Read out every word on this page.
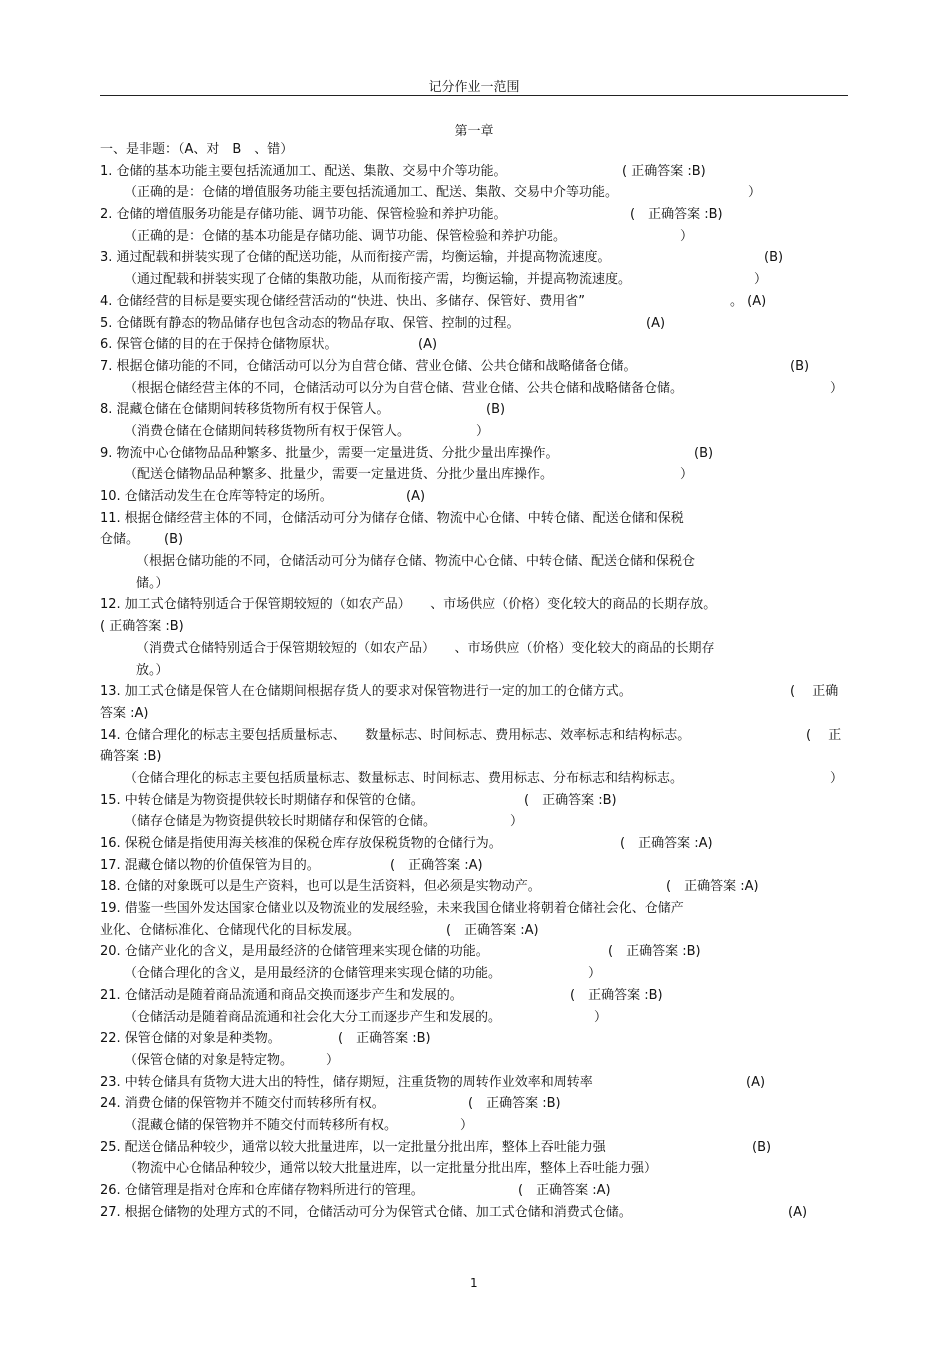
记分作业一范围
第一章
一、是非题：（A、对　B　、错）
1. 仓储的基本功能主要包括流通加工、配送、集散、交易中介等功能。	( 正确答案 :B)
（正确的是：仓储的增值服务功能主要包括流通加工、配送、集散、交易中介等功能。	）
2. 仓储的增值服务功能是存储功能、调节功能、保管检验和养护功能。	(　正确答案 :B)
（正确的是：仓储的基本功能是存储功能、调节功能、保管检验和养护功能。	）
3. 通过配载和拼装实现了仓储的配送功能，从而衔接产需，均衡运输，并提高物流速度。	(B)
（通过配载和拼装实现了仓储的集散功能，从而衔接产需，均衡运输，并提高物流速度。	）
4. 仓储经营的目标是要实现仓储经营活动的“快进、快出、多储存、保管好、费用省”	。 (A)
5. 仓储既有静态的物品储存也包含动态的物品存取、保管、控制的过程。	(A)
6. 保管仓储的目的在于保持仓储物原状。	(A)
7. 根据仓储功能的不同，仓储活动可以分为自营仓储、营业仓储、公共仓储和战略储备仓储。	(B)
（根据仓储经营主体的不同，仓储活动可以分为自营仓储、营业仓储、公共仓储和战略储备仓储。	）
8. 混藏仓储在仓储期间转移货物所有权于保管人。	(B)
（消费仓储在仓储期间转移货物所有权于保管人。	）
9. 物流中心仓储物品品种繁多、批量少，需要一定量进货、分批少量出库操作。	(B)
（配送仓储物品品种繁多、批量少，需要一定量进货、分批少量出库操作。	）
10. 仓储活动发生在仓库等特定的场所。	(A)
11. 根据仓储经营主体的不同，仓储活动可分为储存仓储、物流中心仓储、中转仓储、配送仓储和保税
仓储。 (B)
（根据仓储功能的不同，仓储活动可分为储存仓储、物流中心仓储、中转仓储、配送仓储和保税仓
储。）
12. 加工式仓储特别适合于保管期较短的（如农产品）　　、市场供应（价格）变化较大的商品的长期存放。
( 正确答案 :B)
（消费式仓储特别适合于保管期较短的（如农产品）　　、市场供应（价格）变化较大的商品的长期存
放。）
13. 加工式仓储是保管人在仓储期间根据存货人的要求对保管物进行一定的加工的仓储方式。	(　 正确
答案 :A)
14. 仓储合理化的标志主要包括质量标志、　　数量标志、时间标志、费用标志、效率标志和结构标志。	(　 正
确答案 :B)
（仓储合理化的标志主要包括质量标志、数量标志、时间标志、费用标志、分布标志和结构标志。	）
15. 中转仓储是为物资提供较长时期储存和保管的仓储。	(　正确答案 :B)
（储存仓储是为物资提供较长时期储存和保管的仓储。	）
16. 保税仓储是指使用海关核准的保税仓库存放保税货物的仓储行为。	(　正确答案 :A)
17. 混藏仓储以物的价值保管为目的。	(　正确答案 :A)
18. 仓储的对象既可以是生产资料，也可以是生活资料，但必须是实物动产。	(　正确答案 :A)
19. 借鉴一些国外发达国家仓储业以及物流业的发展经验，未来我国仓储业将朝着仓储社会化、仓储产
业化、仓储标准化、仓储现代化的目标发展。	(　正确答案 :A)
20. 仓储产业化的含义，是用最经济的仓储管理来实现仓储的功能。	(　正确答案 :B)
（仓储合理化的含义，是用最经济的仓储管理来实现仓储的功能。	）
21. 仓储活动是随着商品流通和商品交换而逐步产生和发展的。	(　正确答案 :B)
（仓储活动是随着商品流通和社会化大分工而逐步产生和发展的。	）
22. 保管仓储的对象是种类物。	(　正确答案 :B)
（保管仓储的对象是特定物。	）
23. 中转仓储具有货物大进大出的特性，储存期短，注重货物的周转作业效率和周转率	(A)
24. 消费仓储的保管物并不随交付而转移所有权。	(　正确答案 :B)
（混藏仓储的保管物并不随交付而转移所有权。	）
25. 配送仓储品种较少，通常以较大批量进库，以一定批量分批出库，整体上吞吐能力强	(B)
（物流中心仓储品种较少，通常以较大批量进库，以一定批量分批出库，整体上吞吐能力强）
26. 仓储管理是指对仓库和仓库储存物料所进行的管理。	(　正确答案 :A)
27. 根据仓储物的处理方式的不同，仓储活动可分为保管式仓储、加工式仓储和消费式仓储。	(A)
1
